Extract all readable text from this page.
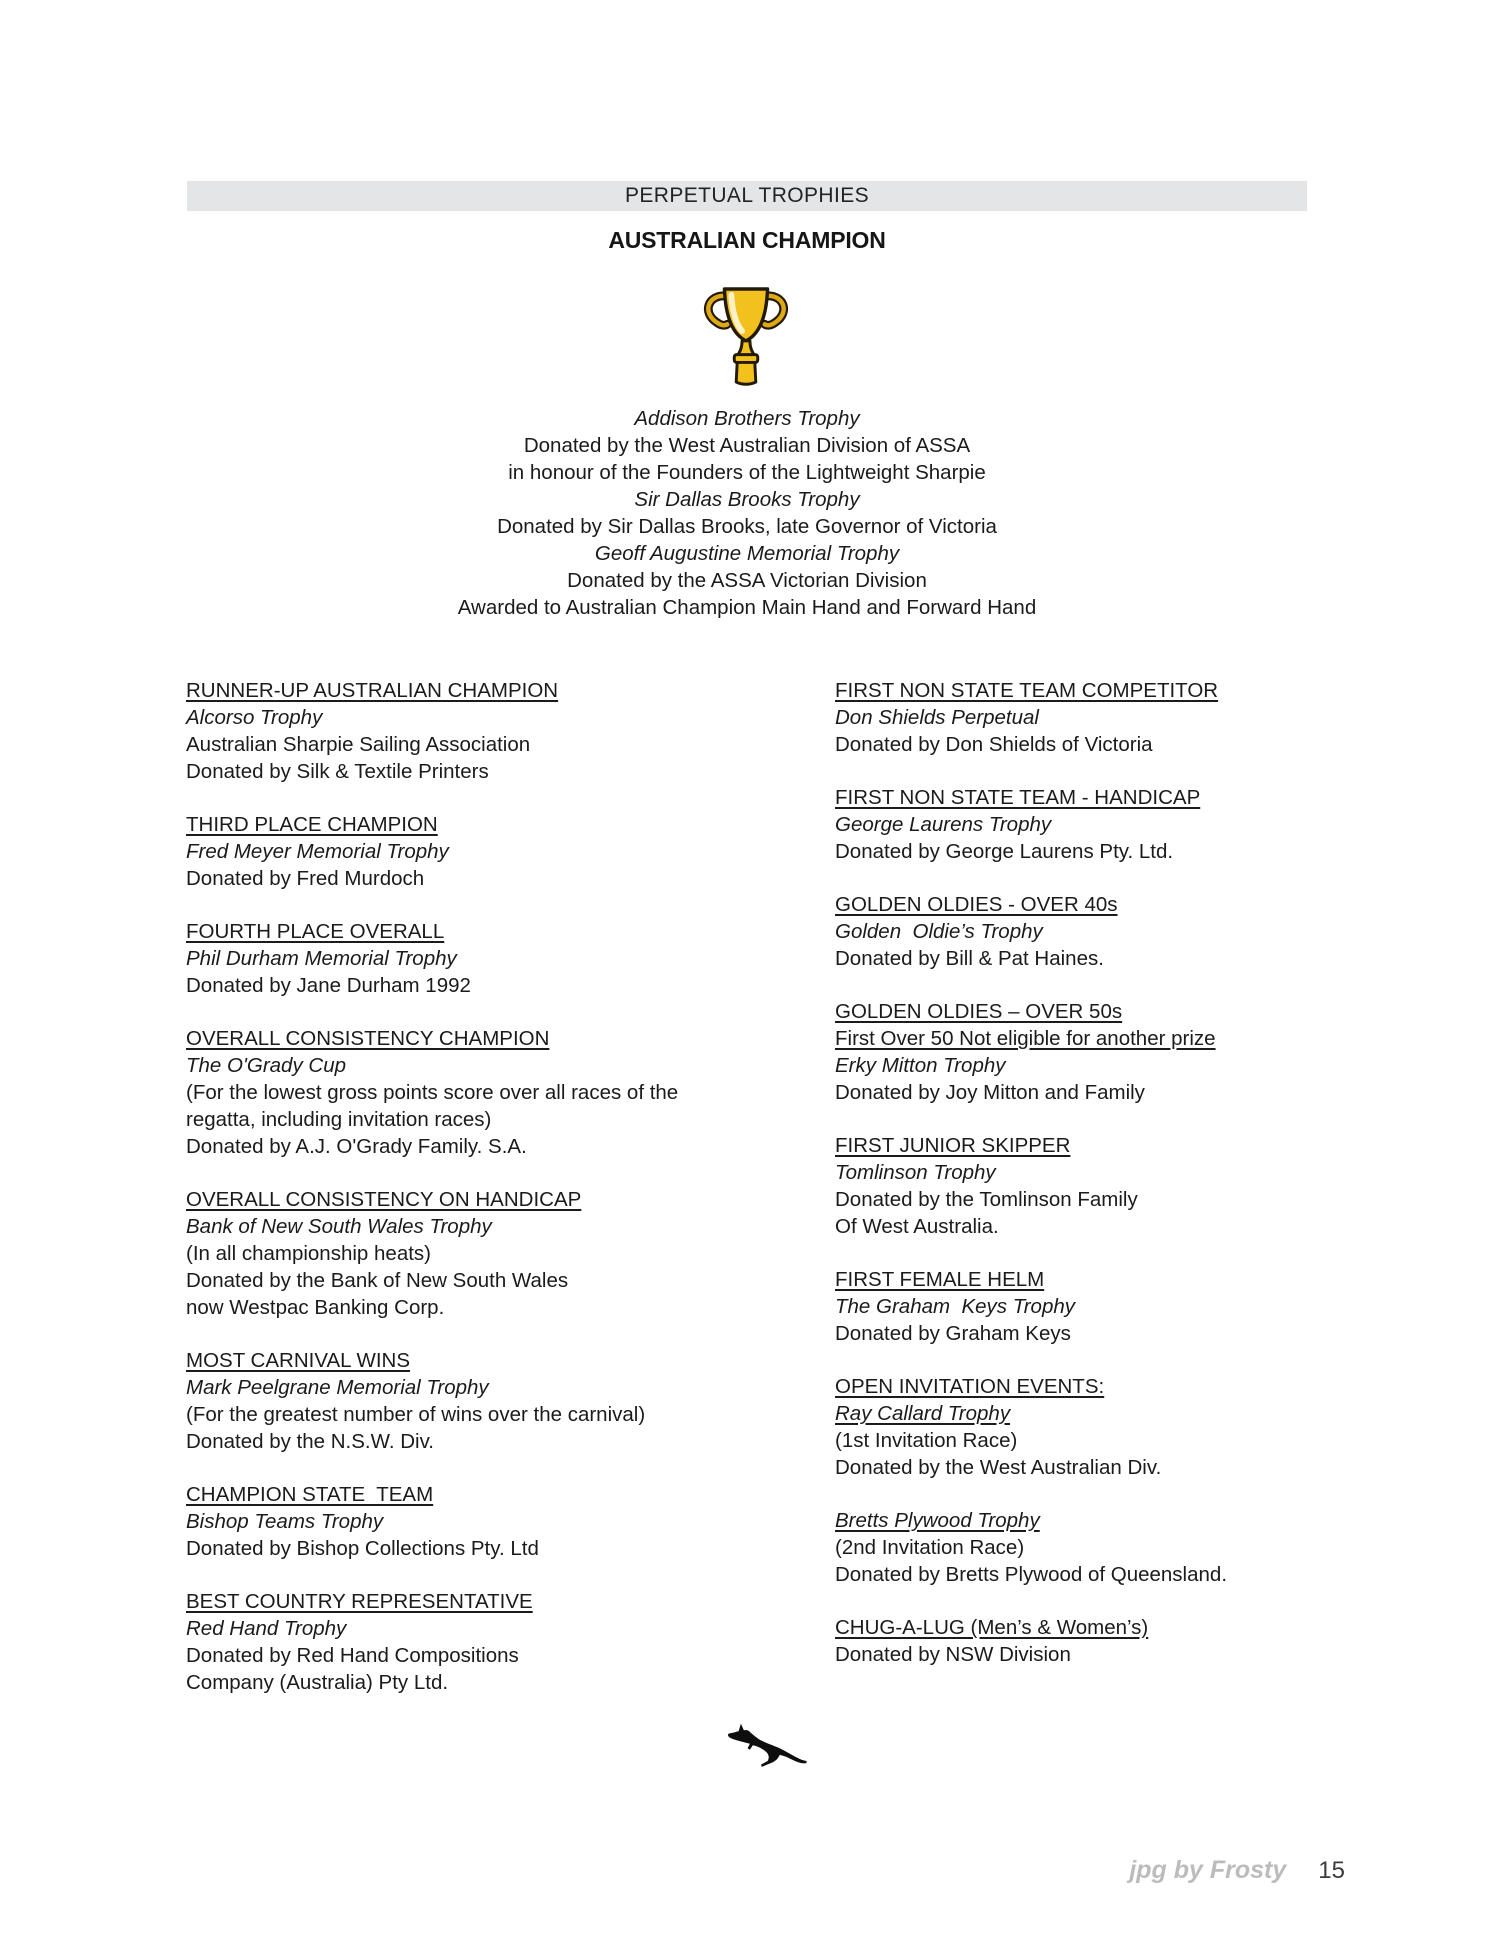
PERPETUAL TROPHIES
AUSTRALIAN CHAMPION
Addison Brothers Trophy
Donated by the West Australian Division of ASSA
in honour of the Founders of the Lightweight Sharpie
Sir Dallas Brooks Trophy
Donated by Sir Dallas Brooks, late Governor of Victoria
Geoff Augustine Memorial Trophy
Donated by the ASSA Victorian Division
Awarded to Australian Champion Main Hand and Forward Hand
RUNNER-UP AUSTRALIAN CHAMPION
Alcorso Trophy
Australian Sharpie Sailing Association
Donated by Silk & Textile Printers
THIRD PLACE CHAMPION
Fred Meyer Memorial Trophy
Donated by Fred Murdoch
FOURTH PLACE OVERALL
Phil Durham Memorial Trophy
Donated by Jane Durham 1992
OVERALL CONSISTENCY CHAMPION
The O'Grady Cup
(For the lowest gross points score over all races of the
regatta, including invitation races)
Donated by A.J. O'Grady Family. S.A.
OVERALL CONSISTENCY ON HANDICAP
Bank of New South Wales Trophy
(In all championship heats)
Donated by the Bank of New South Wales
now Westpac Banking Corp.
MOST CARNIVAL WINS
Mark Peelgrane Memorial Trophy
(For the greatest number of wins over the carnival)
Donated by the N.S.W. Div.
CHAMPION STATE  TEAM
Bishop Teams Trophy
Donated by Bishop Collections Pty. Ltd
BEST COUNTRY REPRESENTATIVE
Red Hand Trophy
Donated by Red Hand Compositions
Company (Australia) Pty Ltd.
FIRST NON STATE TEAM COMPETITOR
Don Shields Perpetual
Donated by Don Shields of Victoria
FIRST NON STATE TEAM - HANDICAP
George Laurens Trophy
Donated by George Laurens Pty. Ltd.
GOLDEN OLDIES - OVER 40s
Golden  Oldie’s Trophy
Donated by Bill & Pat Haines.
GOLDEN OLDIES – OVER 50s
First Over 50 Not eligible for another prize
Erky Mitton Trophy
Donated by Joy Mitton and Family
FIRST JUNIOR SKIPPER
Tomlinson Trophy
Donated by the Tomlinson Family
Of West Australia.
FIRST FEMALE HELM
The Graham  Keys Trophy
Donated by Graham Keys
OPEN INVITATION EVENTS:
Ray Callard Trophy
(1st Invitation Race)
Donated by the West Australian Div.
Bretts Plywood Trophy
(2nd Invitation Race)
Donated by Bretts Plywood of Queensland.
CHUG-A-LUG (Men’s & Women’s)
Donated by NSW Division
jpg by Frosty 15
